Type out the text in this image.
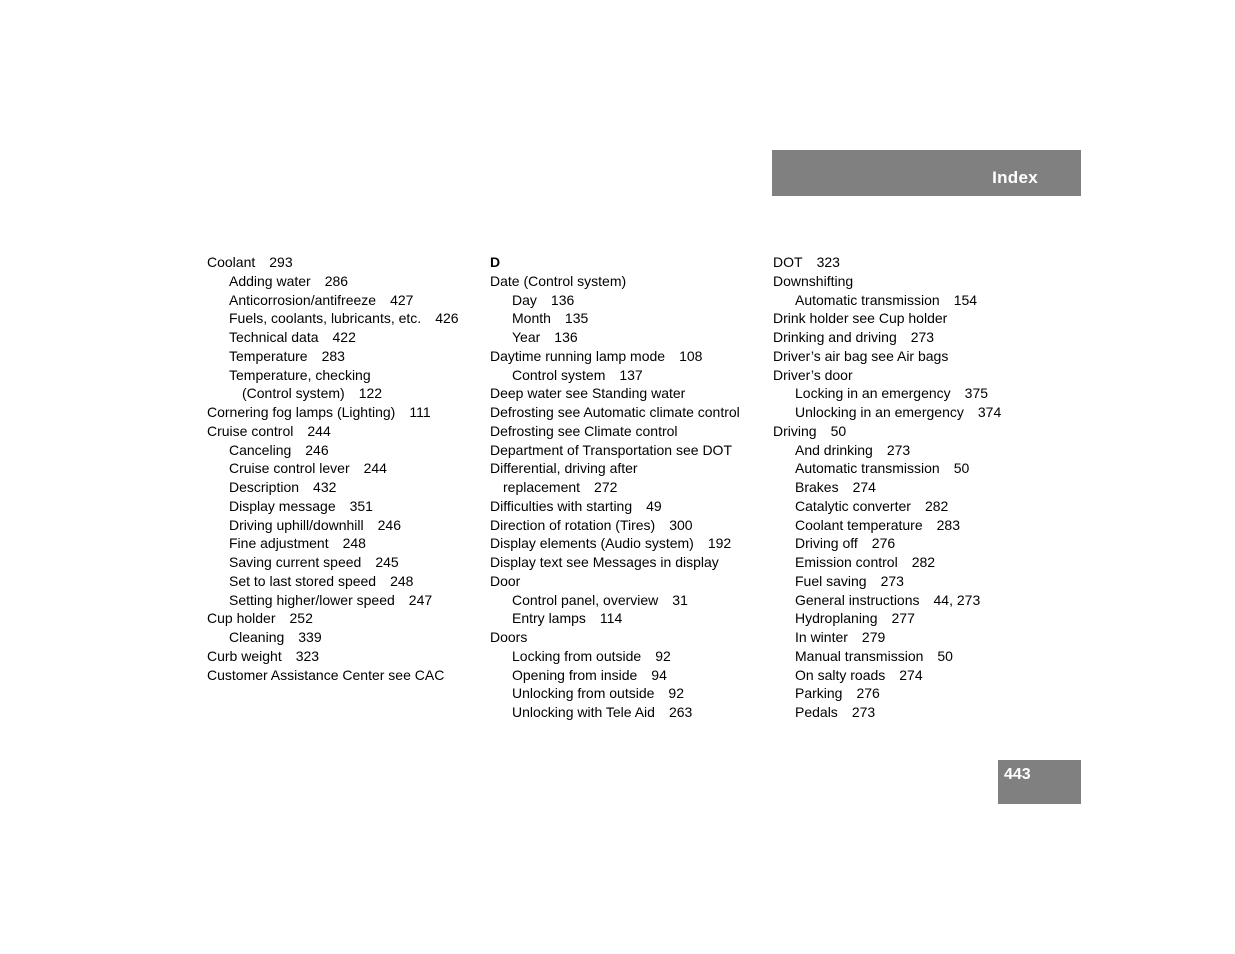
Index
Coolant 293
Adding water 286
Anticorrosion/antifreeze 427
Fuels, coolants, lubricants, etc. 426
Technical data 422
Temperature 283
Temperature, checking
(Control system) 122
Cornering fog lamps (Lighting) 111
Cruise control 244
Canceling 246
Cruise control lever 244
Description 432
Display message 351
Driving uphill/downhill 246
Fine adjustment 248
Saving current speed 245
Set to last stored speed 248
Setting higher/lower speed 247
Cup holder 252
Cleaning 339
Curb weight 323
Customer Assistance Center see CAC
D
Date (Control system)
Day 136
Month 135
Year 136
Daytime running lamp mode 108
Control system 137
Deep water see Standing water
Defrosting see Automatic climate control
Defrosting see Climate control
Department of Transportation see DOT
Differential, driving after
replacement 272
Difficulties with starting 49
Direction of rotation (Tires) 300
Display elements (Audio system) 192
Display text see Messages in display
Door
Control panel, overview 31
Entry lamps 114
Doors
Locking from outside 92
Opening from inside 94
Unlocking from outside 92
Unlocking with Tele Aid 263
DOT 323
Downshifting
Automatic transmission 154
Drink holder see Cup holder
Drinking and driving 273
Driver’s air bag see Air bags
Driver’s door
Locking in an emergency 375
Unlocking in an emergency 374
Driving 50
And drinking 273
Automatic transmission 50
Brakes 274
Catalytic converter 282
Coolant temperature 283
Driving off 276
Emission control 282
Fuel saving 273
General instructions 44, 273
Hydroplaning 277
In winter 279
Manual transmission 50
On salty roads 274
Parking 276
Pedals 273
443
